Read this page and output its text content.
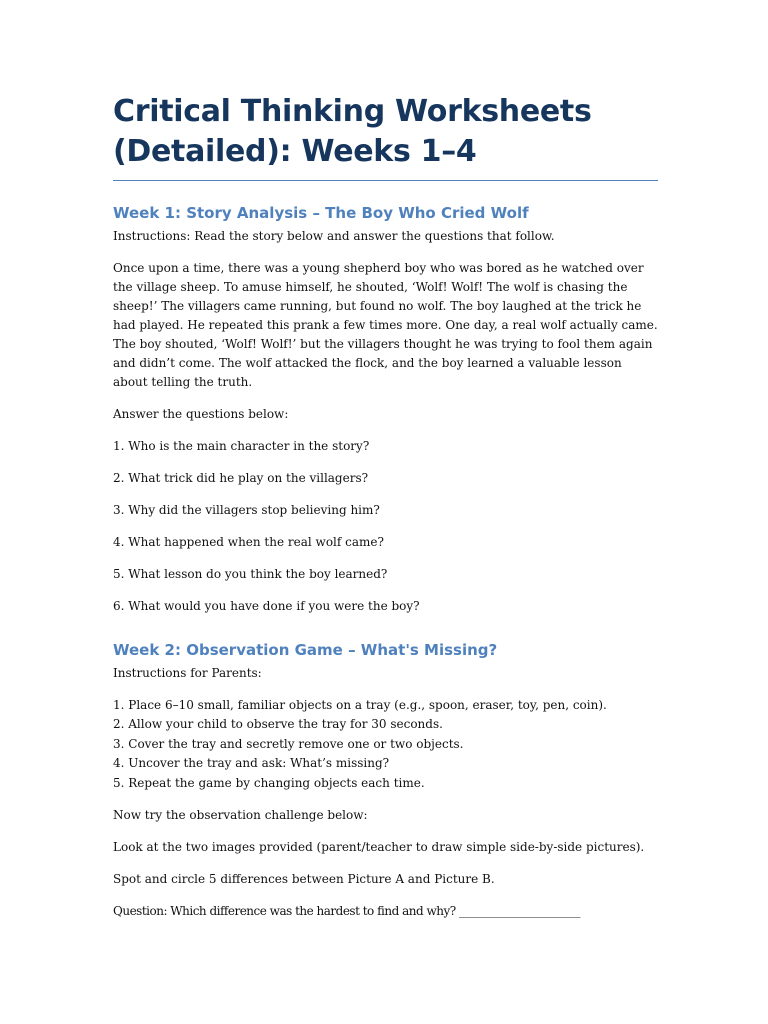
Critical Thinking Worksheets (Detailed): Weeks 1–4
Week 1: Story Analysis – The Boy Who Cried Wolf

Instructions: Read the story below and answer the questions that follow.

Once upon a time, there was a young shepherd boy who was bored as he watched over the village sheep. To amuse himself, he shouted, ‘Wolf! Wolf! The wolf is chasing the sheep!’ The villagers came running, but found no wolf. The boy laughed at the trick he had played. He repeated this prank a few times more. One day, a real wolf actually came. The boy shouted, ‘Wolf! Wolf!’ but the villagers thought he was trying to fool them again and didn’t come. The wolf attacked the flock, and the boy learned a valuable lesson about telling the truth.

Answer the questions below:

1. Who is the main character in the story?

2. What trick did he play on the villagers?

3. Why did the villagers stop believing him?

4. What happened when the real wolf came?

5. What lesson do you think the boy learned?

6. What would you have done if you were the boy?

Week 2: Observation Game – What's Missing?

Instructions for Parents:

1. Place 6–10 small, familiar objects on a tray (e.g., spoon, eraser, toy, pen, coin).

2. Allow your child to observe the tray for 30 seconds.

3. Cover the tray and secretly remove one or two objects.

4. Uncover the tray and ask: What’s missing?

5. Repeat the game by changing objects each time.

Now try the observation challenge below:

Look at the two images provided (parent/teacher to draw simple side-by-side pictures).

Spot and circle 5 differences between Picture A and Picture B.

Question: Which difference was the hardest to find and why? ______________________
